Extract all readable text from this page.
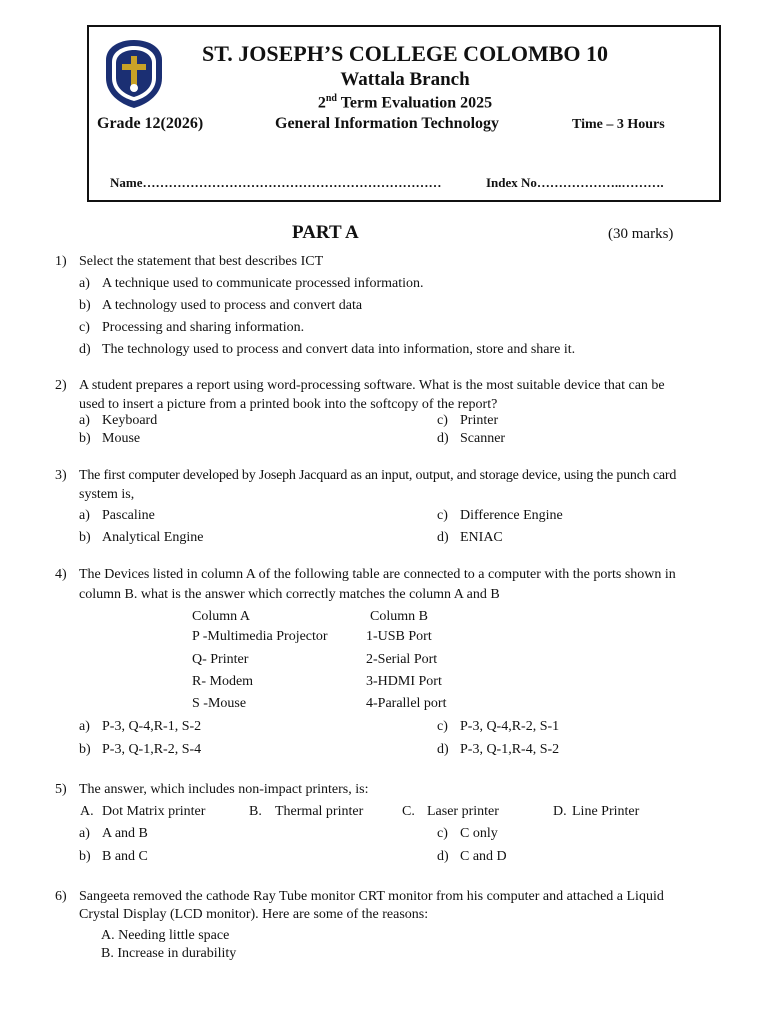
ST. JOSEPH’S COLLEGE COLOMBO 10
Wattala Branch
2nd Term Evaluation 2025
Grade 12(2026)	General Information Technology	Time – 3 Hours
Name……………………………………………………………	Index No………………..……….
PART A	(30 marks)
1) Select the statement that best describes ICT
a) A technique used to communicate processed information.
b) A technology used to process and convert data
c) Processing and sharing information.
d) The technology used to process and convert data into information, store and share it.
2) A student prepares a report using word-processing software. What is the most suitable device that can be
used to insert a picture from a printed book into the softcopy of the report?
a) Keyboard	c) Printer
b) Mouse	d) Scanner
3) The first computer developed by Joseph Jacquard as an input, output, and storage device, using the punch card
system is,
a) Pascaline	c) Difference Engine
b) Analytical Engine	d) ENIAC
4) The Devices listed in column A of the following table are connected to a computer with the ports shown in
column B. what is the answer which correctly matches the column A and B
Column A	Column B
P -Multimedia Projector	1-USB Port
Q- Printer	2-Serial Port
R- Modem	3-HDMI Port
S -Mouse	4-Parallel port
a) P-3, Q-4,R-1, S-2	c) P-3, Q-4,R-2, S-1
b) P-3, Q-1,R-2, S-4	d) P-3, Q-1,R-4, S-2
5) The answer, which includes non-impact printers, is:
A. Dot Matrix printer	B. Thermal printer	C. Laser printer	D. Line Printer
a) A and B	c) C only
b) B and C	d) C and D
6) Sangeeta removed the cathode Ray Tube monitor CRT monitor from his computer and attached a Liquid
Crystal Display (LCD monitor). Here are some of the reasons:
A. Needing little space
B. Increase in durability
